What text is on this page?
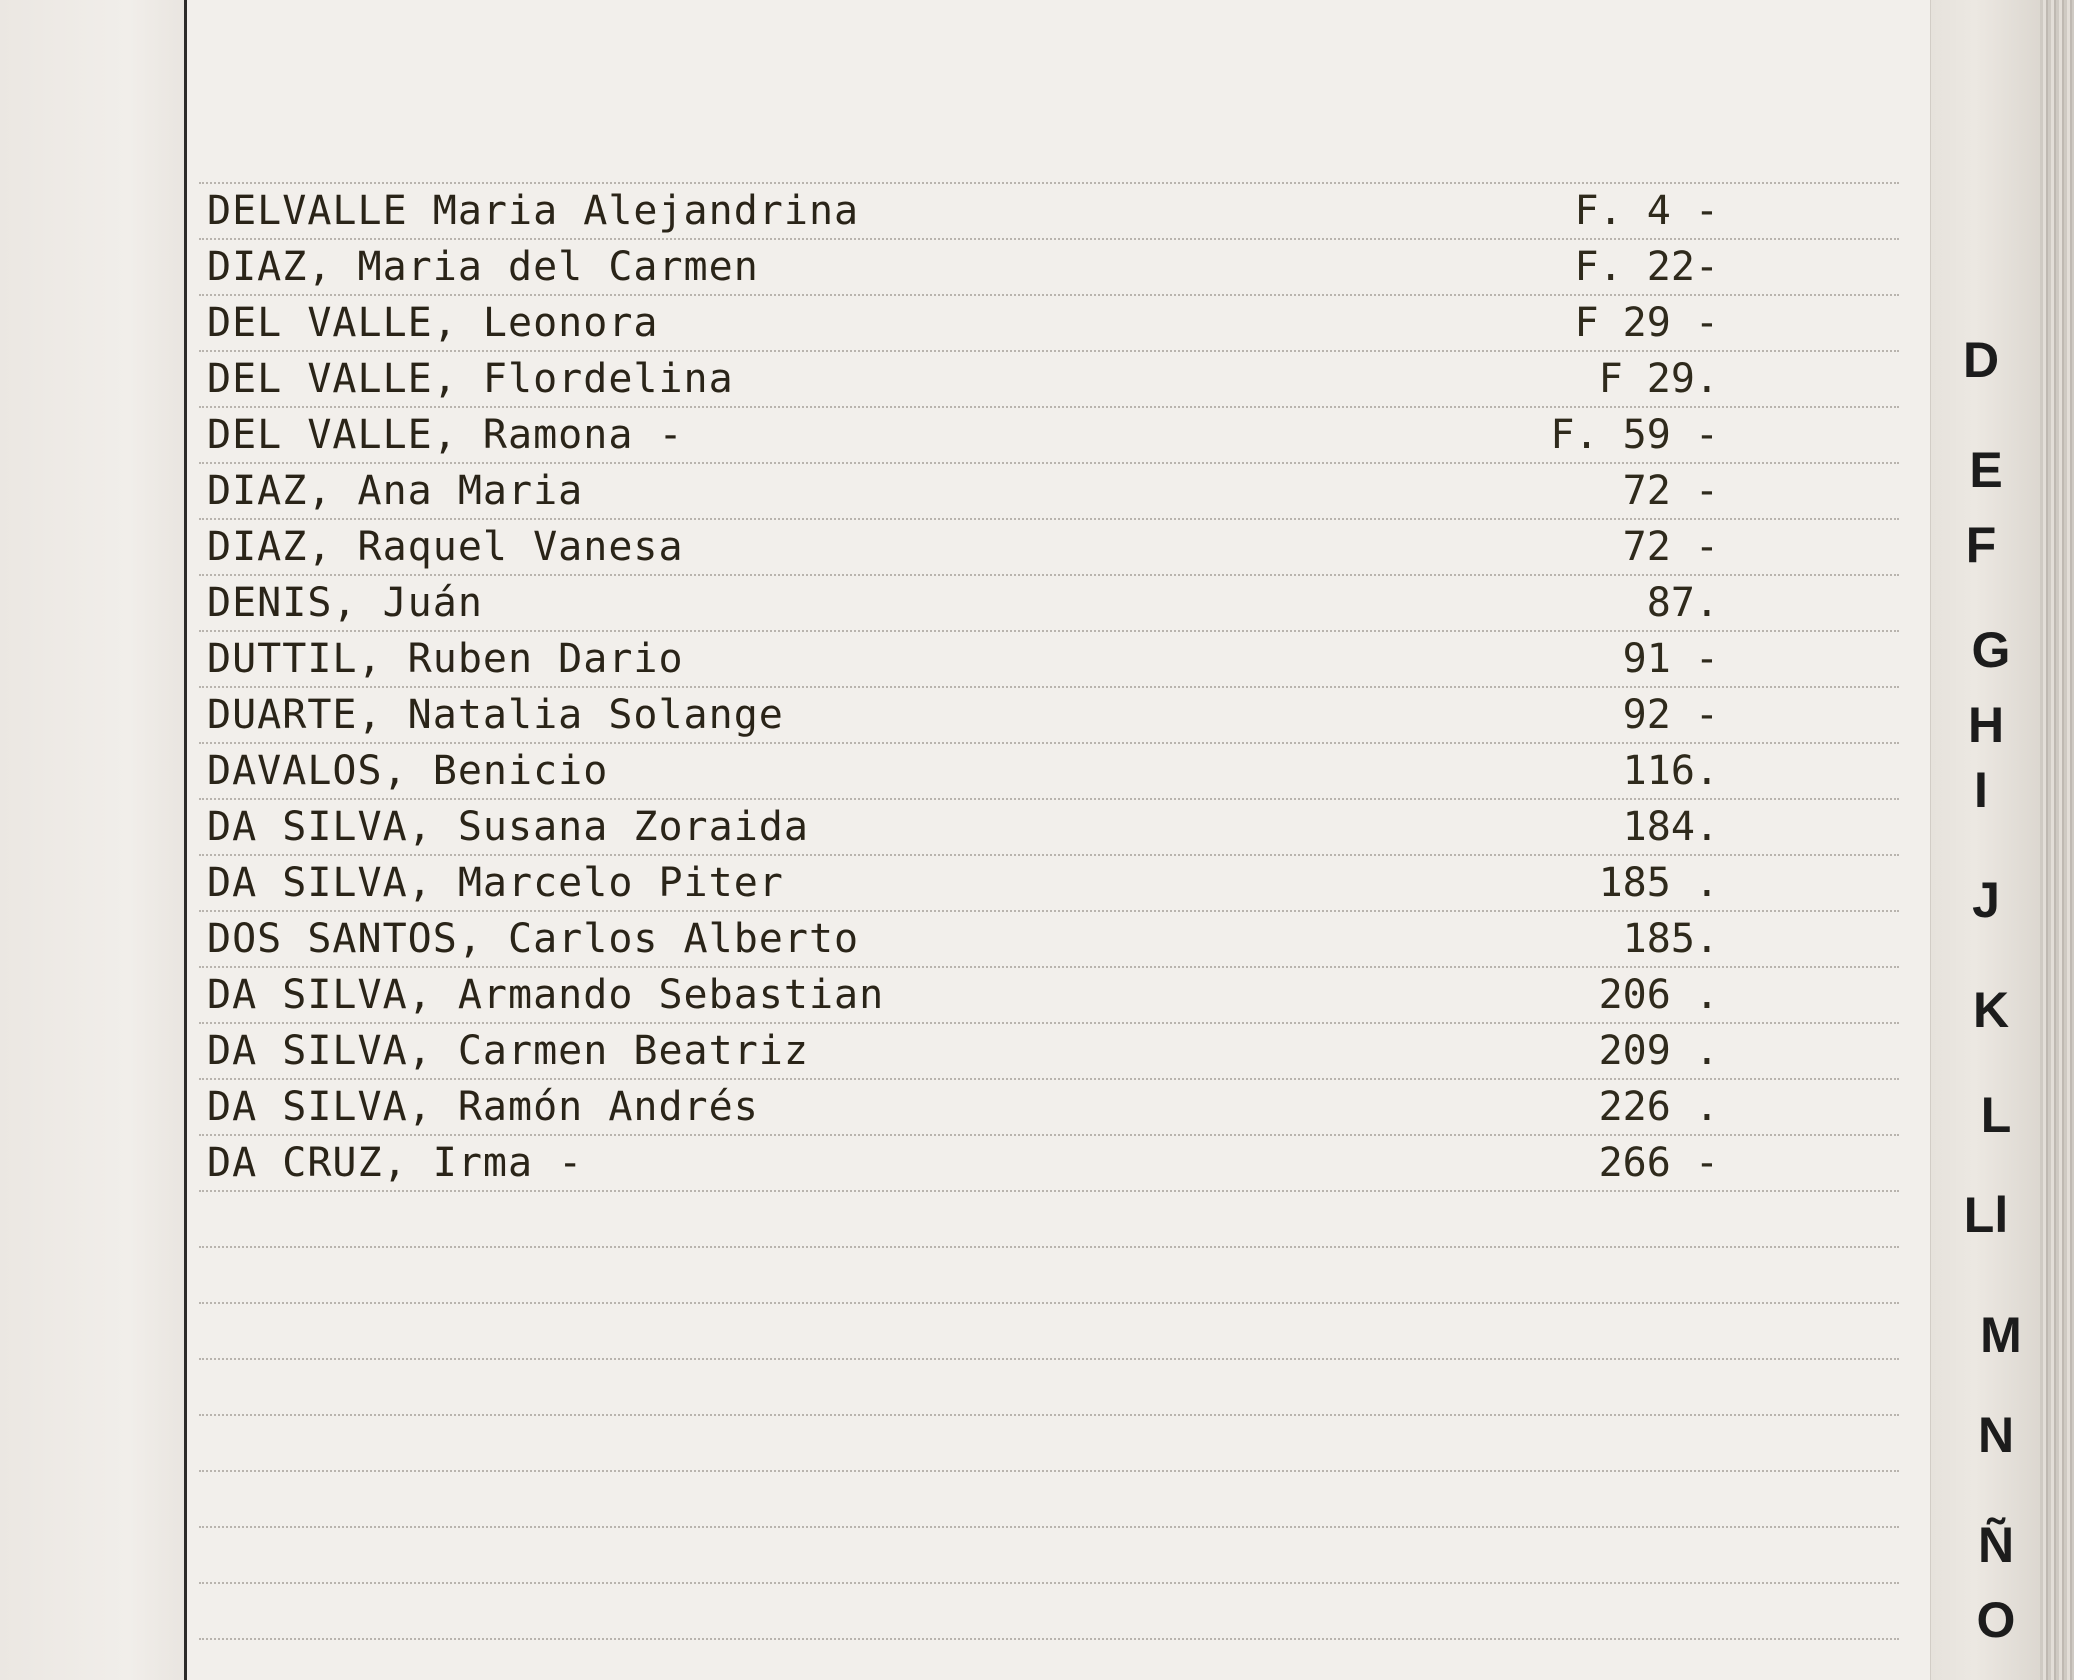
DELVALLE Maria Alejandrina	F. 4 -
DIAZ, Maria del Carmen	F. 22-
DEL VALLE, Leonora	F 29 -
DEL VALLE, Flordelina	F 29.
DEL VALLE, Ramona -	F. 59 -
DIAZ, Ana Maria	72 -
DIAZ, Raquel Vanesa	72 -
DENIS, Juán	87.
DUTTIL, Ruben Dario	91 -
DUARTE, Natalia Solange	92 -
DAVALOS, Benicio	116.
DA SILVA, Susana Zoraida	184.
DA SILVA, Marcelo Piter	185 .
DOS SANTOS, Carlos Alberto	185.
DA SILVA, Armando Sebastian	206 .
DA SILVA, Carmen Beatriz	209 .
DA SILVA, Ramón Andrés	226 .
DA CRUZ, Irma -	266 -
D
E
F
G
H
I
J
K
L
Ll
M
N
Ñ
O
